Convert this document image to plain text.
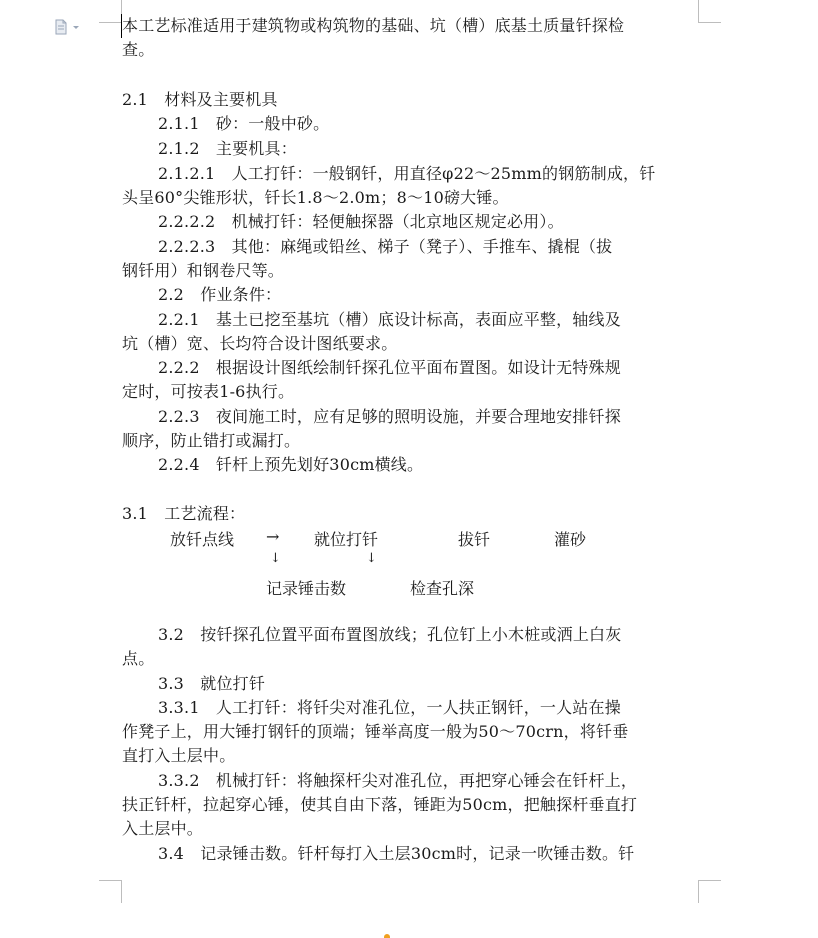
本工艺标准适用于建筑物或构筑物的基础、坑（槽）底基土质量钎探检
查。
2.1　材料及主要机具
2.1.1　砂：一般中砂。
2.1.2　主要机具：
2.1.2.1　人工打钎：一般钢钎，用直径φ22～25mm的钢筋制成，钎
头呈60°尖锥形状，钎长1.8～2.0m；8～10磅大锤。
2.2.2.2　机械打钎：轻便触探器（北京地区规定必用）。
2.2.2.3　其他：麻绳或铅丝、梯子（凳子）、手推车、撬棍（拔
钢钎用）和钢卷尺等。
2.2　作业条件：
2.2.1　基土已挖至基坑（槽）底设计标高，表面应平整，轴线及
坑（槽）宽、长均符合设计图纸要求。
2.2.2　根据设计图纸绘制钎探孔位平面布置图。如设计无特殊规
定时，可按表1-6执行。
2.2.3　夜间施工时，应有足够的照明设施，并要合理地安排钎探
顺序，防止错打或漏打。
2.2.4　钎杆上预先划好30cm横线。
3.1　工艺流程：
3.2　按钎探孔位置平面布置图放线；孔位钉上小木桩或洒上白灰
点。
3.3　就位打钎
3.3.1　人工打钎：将钎尖对准孔位，一人扶正钢钎，一人站在操
作凳子上，用大锤打钢钎的顶端；锤举高度一般为50～70crn，将钎垂
直打入土层中。
3.3.2　机械打钎：将触探杆尖对准孔位，再把穿心锤会在钎杆上，
扶正钎杆，拉起穿心锤，使其自由下落，锤距为50cm，把触探杆垂直打
入土层中。
3.4　记录锤击数。钎杆每打入土层30cm时，记录一吹锤击数。钎
放钎点线 → 就位打钎	拔钎	灌砂
↓	↓
记录锤击数	检查孔深
